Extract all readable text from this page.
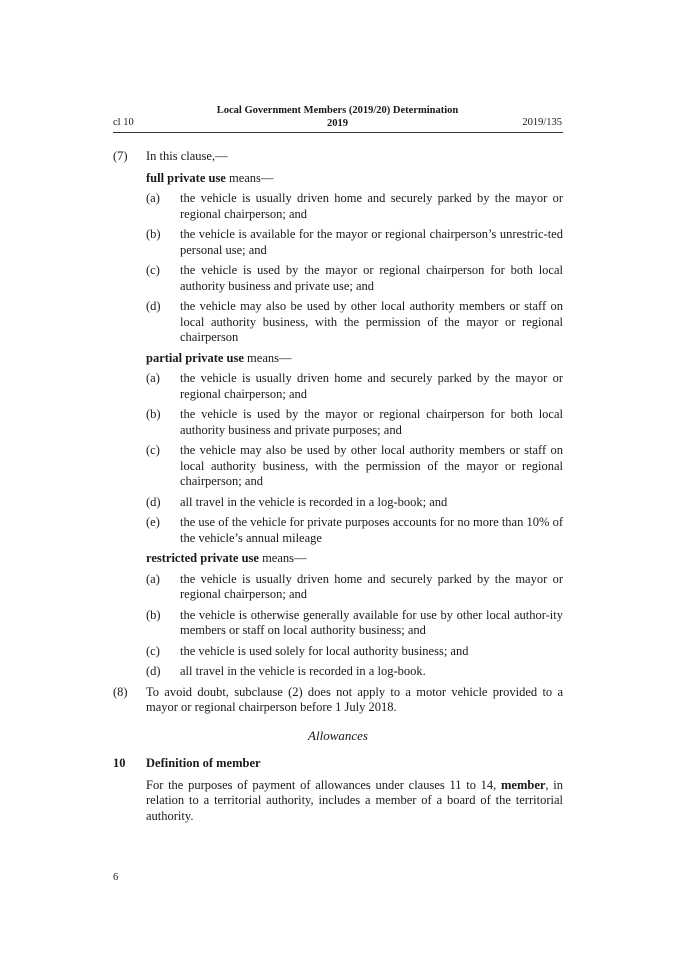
Local Government Members (2019/20) Determination
2019
cl 10	2019/135
(7)	In this clause,—
full private use means—
(a)	the vehicle is usually driven home and securely parked by the mayor or regional chairperson; and
(b)	the vehicle is available for the mayor or regional chairperson’s unrestric-ted personal use; and
(c)	the vehicle is used by the mayor or regional chairperson for both local authority business and private use; and
(d)	the vehicle may also be used by other local authority members or staff on local authority business, with the permission of the mayor or regional chairperson
partial private use means—
(a)	the vehicle is usually driven home and securely parked by the mayor or regional chairperson; and
(b)	the vehicle is used by the mayor or regional chairperson for both local authority business and private purposes; and
(c)	the vehicle may also be used by other local authority members or staff on local authority business, with the permission of the mayor or regional chairperson; and
(d)	all travel in the vehicle is recorded in a log-book; and
(e)	the use of the vehicle for private purposes accounts for no more than 10% of the vehicle’s annual mileage
restricted private use means—
(a)	the vehicle is usually driven home and securely parked by the mayor or regional chairperson; and
(b)	the vehicle is otherwise generally available for use by other local author-ity members or staff on local authority business; and
(c)	the vehicle is used solely for local authority business; and
(d)	all travel in the vehicle is recorded in a log-book.
(8)	To avoid doubt, subclause (2) does not apply to a motor vehicle provided to a mayor or regional chairperson before 1 July 2018.
Allowances
10	Definition of member
For the purposes of payment of allowances under clauses 11 to 14, member, in relation to a territorial authority, includes a member of a board of the territorial authority.
6
